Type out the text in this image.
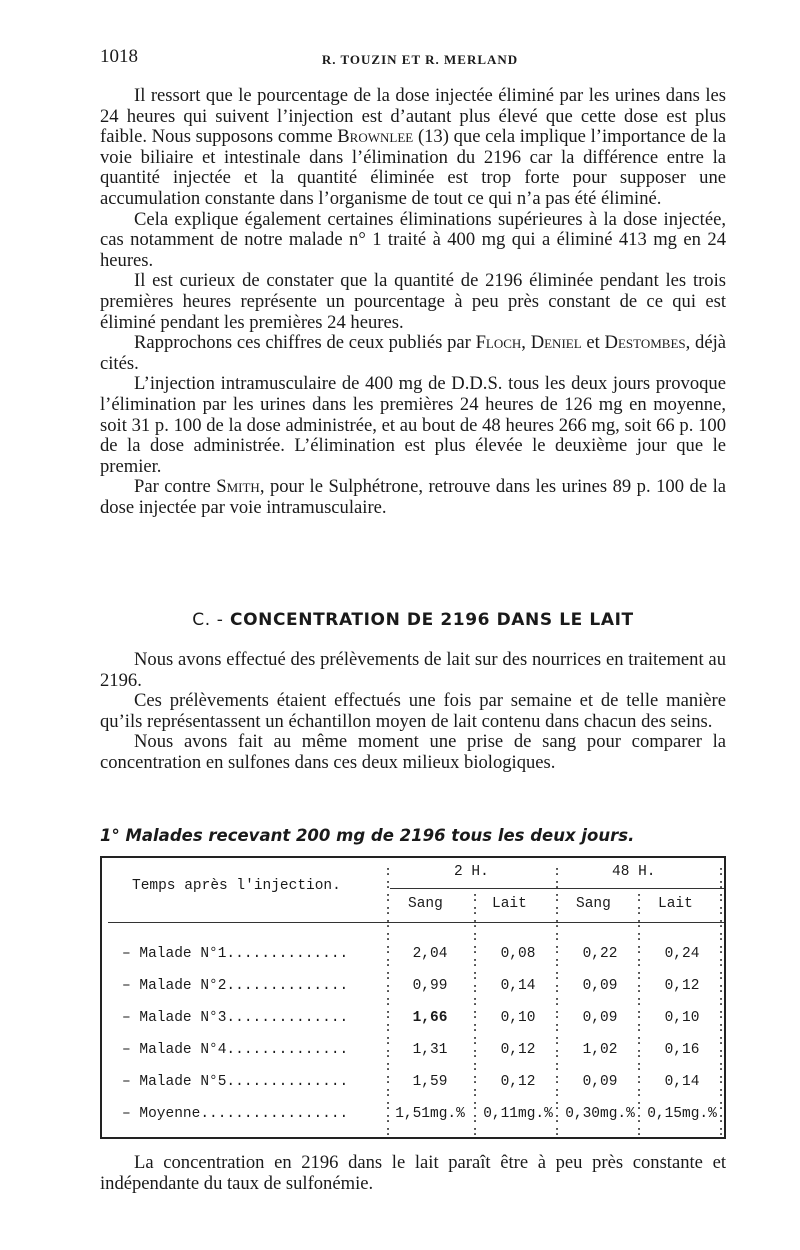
1018	R. TOUZIN ET R. MERLAND

Il ressort que le pourcentage de la dose injectée éliminé par les urines dans les 24 heures qui suivent l’injection est d’autant plus élevé que cette dose est plus faible. Nous supposons comme Brownlee (13) que cela implique l’importance de la voie biliaire et intestinale dans l’élimination du 2196 car la différence entre la quantité injectée et la quantité éliminée est trop forte pour supposer une accumulation constante dans l’organisme de tout ce qui n’a pas été éliminé.

Cela explique également certaines éliminations supérieures à la dose injectée, cas notamment de notre malade n° 1 traité à 400 mg qui a éliminé 413 mg en 24 heures.

Il est curieux de constater que la quantité de 2196 éliminée pendant les trois premières heures représente un pourcentage à peu près constant de ce qui est éliminé pendant les premières 24 heures.

Rapprochons ces chiffres de ceux publiés par Floch, Deniel et Destombes, déjà cités.

L’injection intramusculaire de 400 mg de D.D.S. tous les deux jours provoque l’élimination par les urines dans les premières 24 heures de 126 mg en moyenne, soit 31 p. 100 de la dose administrée, et au bout de 48 heures 266 mg, soit 66 p. 100 de la dose administrée. L’élimination est plus élevée le deuxième jour que le premier.

Par contre Smith, pour le Sulphétrone, retrouve dans les urines 89 p. 100 de la dose injectée par voie intramusculaire.

C. - CONCENTRATION DE 2196 DANS LE LAIT

Nous avons effectué des prélèvements de lait sur des nourrices en traitement au 2196.

Ces prélèvements étaient effectués une fois par semaine et de telle manière qu’ils représentassent un échantillon moyen de lait contenu dans chacun des seins.

Nous avons fait au même moment une prise de sang pour comparer la concentration en sulfones dans ces deux milieux biologiques.

1° Malades recevant 200 mg de 2196 tous les deux jours.
Temps après l'injection.
2 H.	48 H.
Sang	Lait	Sang	Lait
– Malade N°1..............	2,04	0,08	0,22	0,24
– Malade N°2..............	0,99	0,14	0,09	0,12
– Malade N°3..............	1,66	0,10	0,09	0,10
– Malade N°4..............	1,31	0,12	1,02	0,16
– Malade N°5..............	1,59	0,12	0,09	0,14
– Moyenne.................	1,51mg.% 0,11mg.% 0,30mg.% 0,15mg.%
:
:
:
:
:
:
:
:
:
:
:
:
:
:
:
:
:
:
:
:
:
:
:
:
:
:
:
:
:
:
:
:
:
:
:
:
:
:
:
:
:
:
:
:
:
:
:
:
:
:
:
:
:
:
:
:
:
:
:
:
:
:
:
:
:
:
:
:
:
:
:
:
:
:
:
:
:
:
:
:
:
:
:
:
:
:
:
:
:
:
:
:
:
:
:
:
:
:
:
:
:

La concentration en 2196 dans le lait paraît être à peu près constante et indépendante du taux de sulfonémie.
